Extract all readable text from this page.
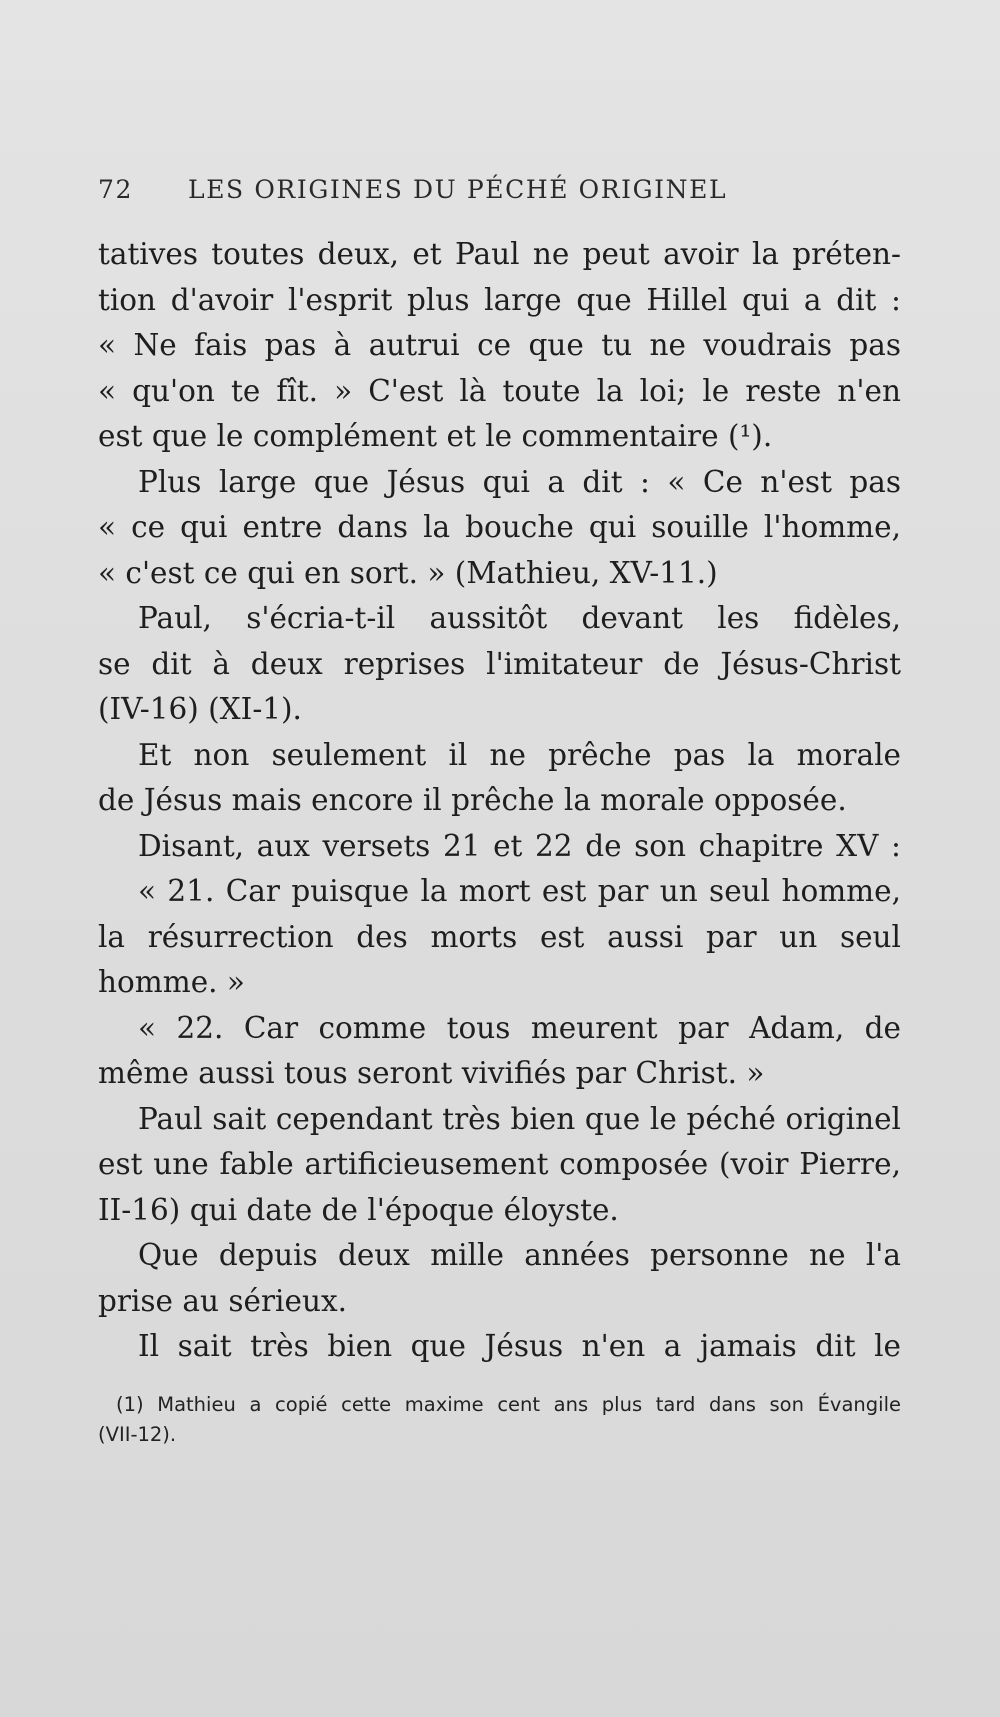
72 LES ORIGINES DU PÉCHÉ ORIGINEL
tatives toutes deux, et Paul ne peut avoir la préten-
tion d'avoir l'esprit plus large que Hillel qui a dit :
« Ne fais pas à autrui ce que tu ne voudrais pas
« qu'on te fît. » C'est là toute la loi; le reste n'en
est que le complément et le commentaire (¹).
Plus large que Jésus qui a dit : « Ce n'est pas
« ce qui entre dans la bouche qui souille l'homme,
« c'est ce qui en sort. » (Mathieu, XV-11.)
Paul, s'écria-t-il aussitôt devant les fidèles,
se dit à deux reprises l'imitateur de Jésus-Christ
(IV-16) (XI-1).
Et non seulement il ne prêche pas la morale
de Jésus mais encore il prêche la morale opposée.
Disant, aux versets 21 et 22 de son chapitre XV :
« 21. Car puisque la mort est par un seul homme,
la résurrection des morts est aussi par un seul
homme. »
« 22. Car comme tous meurent par Adam, de
même aussi tous seront vivifiés par Christ. »
Paul sait cependant très bien que le péché originel
est une fable artificieusement composée (voir Pierre,
II-16) qui date de l'époque éloyste.
Que depuis deux mille années personne ne l'a
prise au sérieux.
Il sait très bien que Jésus n'en a jamais dit le
(1) Mathieu a copié cette maxime cent ans plus tard dans son Évangile
(VII-12).
